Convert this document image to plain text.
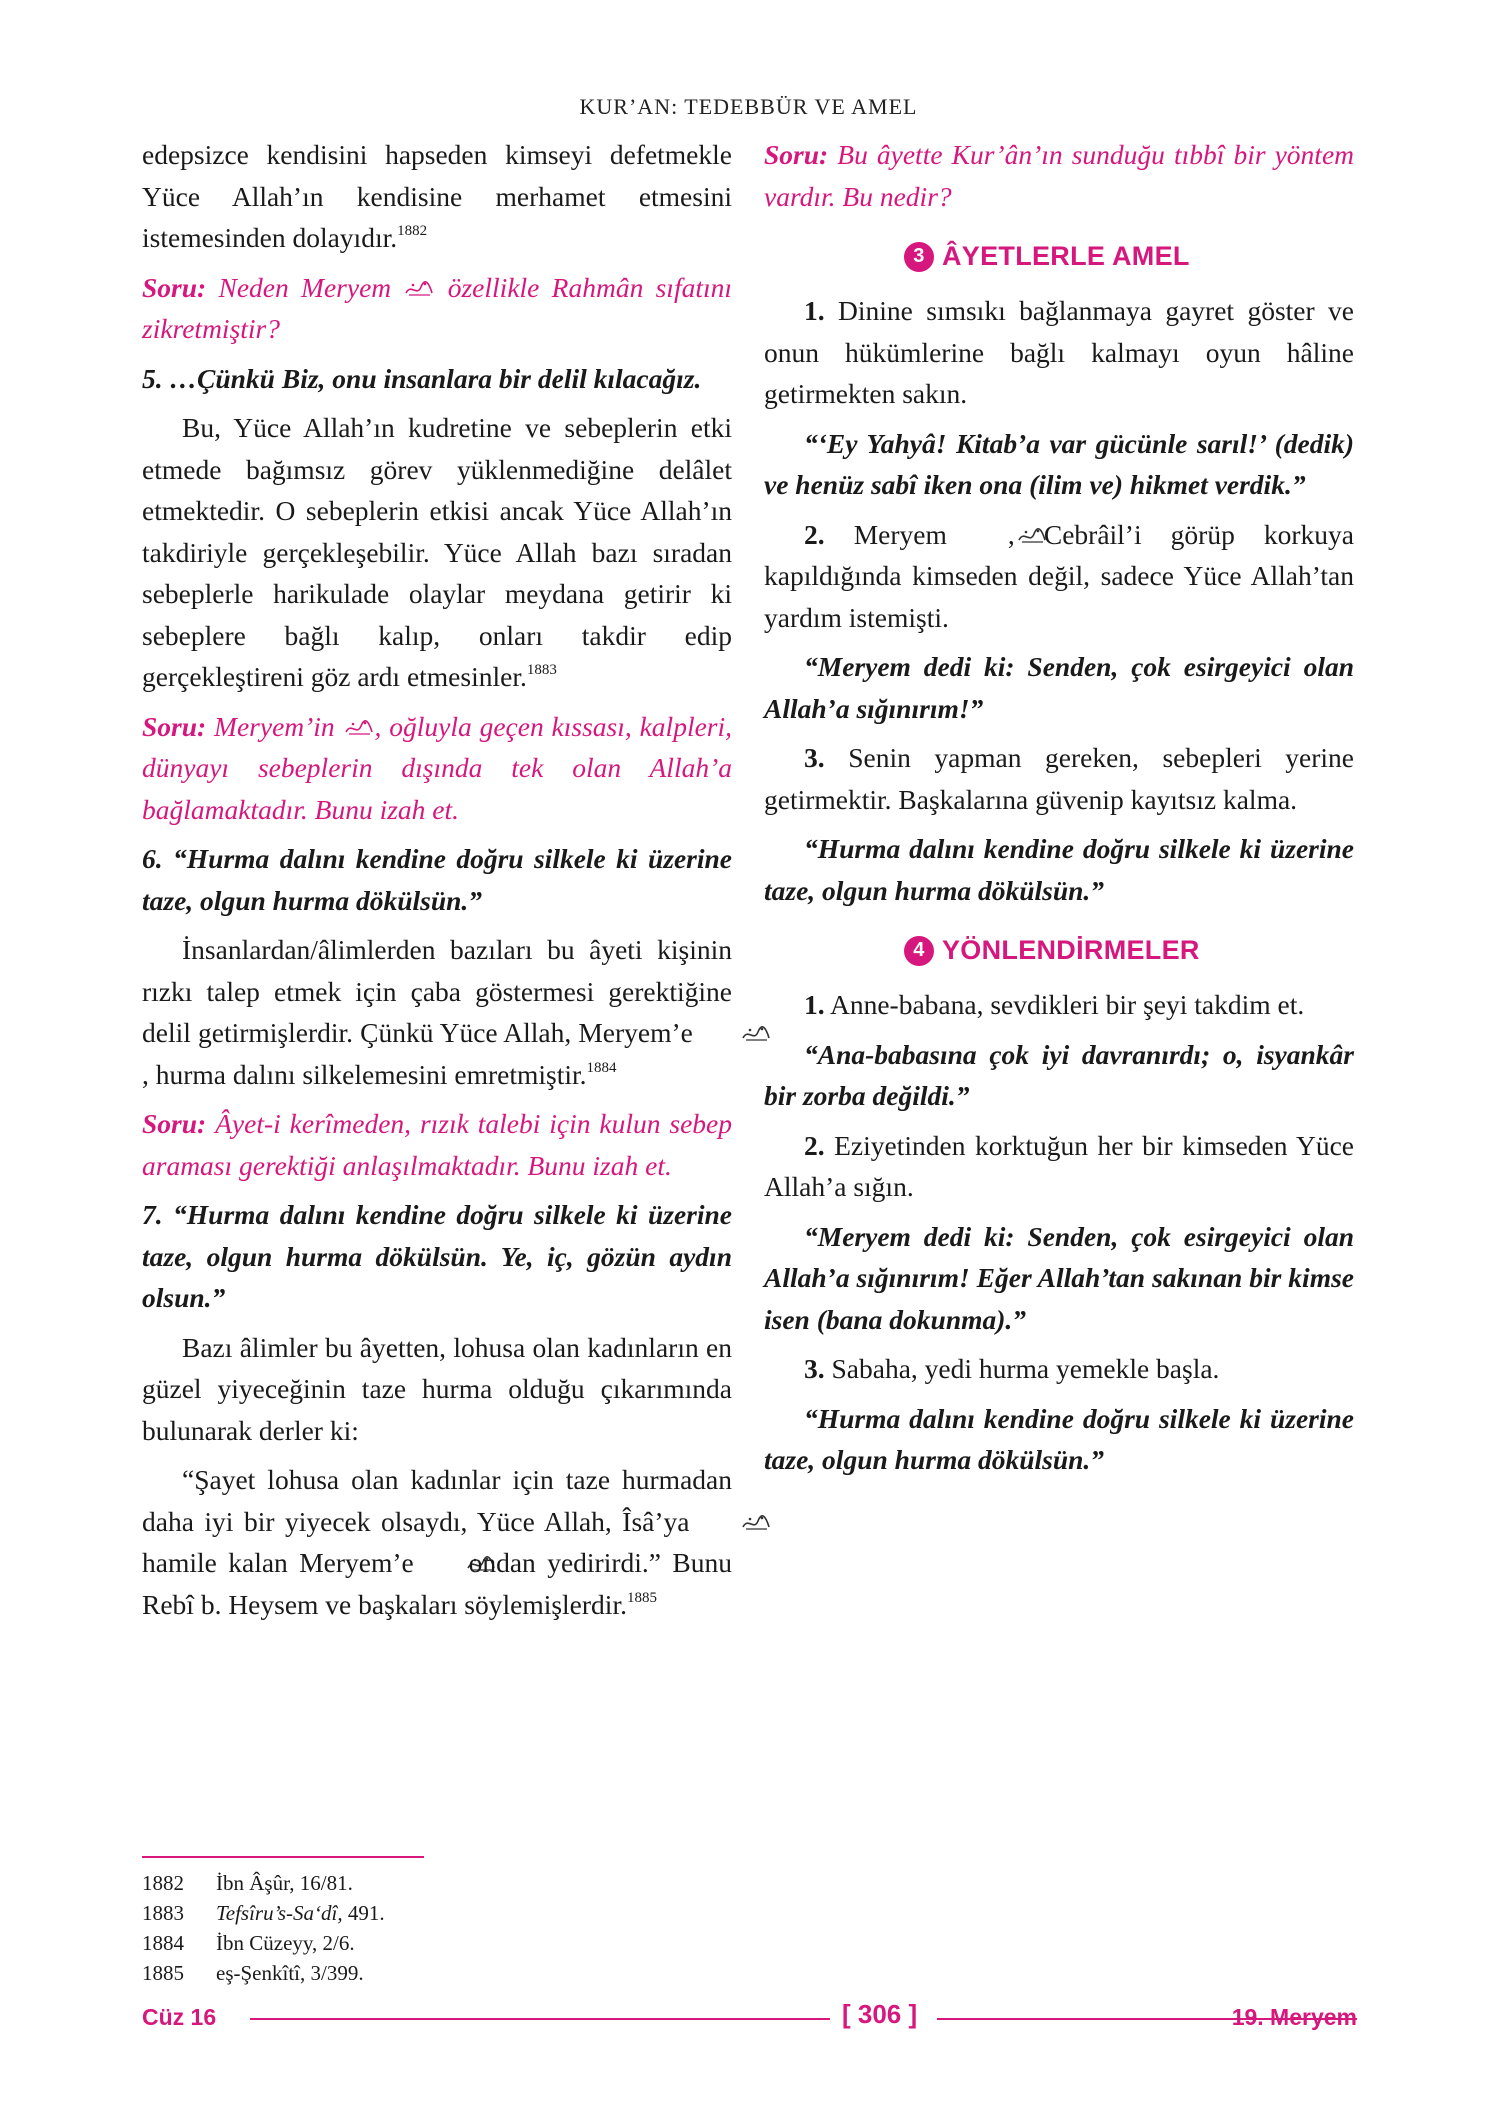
KUR’AN: TEDEBBÜR VE AMEL

edepsizce kendisini hapseden kimseyi defetmekle Yüce Allah’ın kendisine merhamet etmesini istemesinden dolayıdır.$^{1882}$

Soru: Neden Meryem özellikle Rahmân sıfatını zikretmiştir?

5. …Çünkü Biz, onu insanlara bir delil kılacağız.

Bu, Yüce Allah’ın kudretine ve sebeplerin etki etmede bağımsız görev yüklenmediğine delâlet etmektedir. O sebeplerin etkisi ancak Yüce Allah’ın takdiriyle gerçekleşebilir. Yüce Allah bazı sıradan sebeplerle harikulade olaylar meydana getirir ki sebeplere bağlı kalıp, onları takdir edip gerçekleştireni göz ardı etmesinler.$^{1883}$

Soru: Meryem’in , oğluyla geçen kıssası, kalpleri, dünyayı sebeplerin dışında tek olan Allah’a bağlamaktadır. Bunu izah et.

6. “Hurma dalını kendine doğru silkele ki üzerine taze, olgun hurma dökülsün.”

İnsanlardan/âlimlerden bazıları bu âyeti kişinin rızkı talep etmek için çaba göstermesi gerektiğine delil getirmişlerdir. Çünkü Yüce Allah, Meryem’e , hurma dalını silkelemesini emretmiştir.$^{1884}$

Soru: Âyet-i kerîmeden, rızık talebi için kulun sebep araması gerektiği anlaşılmaktadır. Bunu izah et.

7. “Hurma dalını kendine doğru silkele ki üzerine taze, olgun hurma dökülsün. Ye, iç, gözün aydın olsun.”

Bazı âlimler bu âyetten, lohusa olan kadınların en güzel yiyeceğinin taze hurma olduğu çıkarımında bulunarak derler ki:

“Şayet lohusa olan kadınlar için taze hurmadan daha iyi bir yiyecek olsaydı, Yüce Allah, Îsâ’ya  hamile kalan Meryem’e ondan yedirirdi.” Bunu Rebî b. Heysem ve başkaları söylemişlerdir.$^{1885}$

Soru: Bu âyette Kur’ân’ın sunduğu tıbbî bir yöntem vardır. Bu nedir?

3 ÂYETLERLE AMEL

1. Dinine sımsıkı bağlanmaya gayret göster ve onun hükümlerine bağlı kalmayı oyun hâline getirmekten sakın.

“‘Ey Yahyâ! Kitab’a var gücünle sarıl!’ (dedik) ve henüz sabî iken ona (ilim ve) hikmet verdik.”

2. Meryem , Cebrâil’i görüp korkuya kapıldığında kimseden değil, sadece Yüce Allah’tan yardım istemişti.

“Meryem dedi ki: Senden, çok esirgeyici olan Allah’a sığınırım!”

3. Senin yapman gereken, sebepleri yerine getirmektir. Başkalarına güvenip kayıtsız kalma.

“Hurma dalını kendine doğru silkele ki üzerine taze, olgun hurma dökülsün.”

4 YÖNLENDİRMELER

1. Anne-babana, sevdikleri bir şeyi takdim et.

“Ana-babasına çok iyi davranırdı; o, isyankâr bir zorba değildi.”

2. Eziyetinden korktuğun her bir kimseden Yüce Allah’a sığın.

“Meryem dedi ki: Senden, çok esirgeyici olan Allah’a sığınırım! Eğer Allah’tan sakınan bir kimse isen (bana dokunma).”

3. Sabaha, yedi hurma yemekle başla.

“Hurma dalını kendine doğru silkele ki üzerine taze, olgun hurma dökülsün.”

1882	İbn Âşûr, 16/81.
1883	Tefsîru’s-Sa‘dî, 491.
1884	İbn Cüzeyy, 2/6.
1885	eş-Şenkîtî, 3/399.
Cüz 16	[ 306 ]	19. Meryem
